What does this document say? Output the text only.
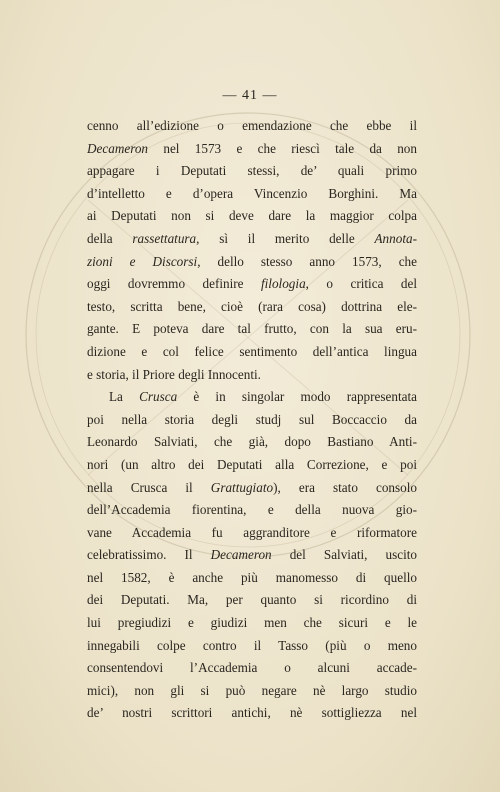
— 41 —
cenno all’edizione o emendazione che ebbe il
Decameron nel 1573 e che riescì tale da non
appagare i Deputati stessi, de’ quali primo
d’intelletto e d’opera Vincenzio Borghini. Ma
ai Deputati non si deve dare la maggior colpa
della rassettatura, sì il merito delle Annota-
zioni e Discorsi, dello stesso anno 1573, che
oggi dovremmo definire filologia, o critica del
testo, scritta bene, cioè (rara cosa) dottrina ele-
gante. E poteva dare tal frutto, con la sua eru-
dizione e col felice sentimento dell’antica lingua
e storia, il Priore degli Innocenti.
La Crusca è in singolar modo rappresentata
poi nella storia degli studj sul Boccaccio da
Leonardo Salviati, che già, dopo Bastiano Anti-
nori (un altro dei Deputati alla Correzione, e poi
nella Crusca il Grattugiato), era stato consolo
dell’Accademia fiorentina, e della nuova gio-
vane Accademia fu aggranditore e riformatore
celebratissimo. Il Decameron del Salviati, uscito
nel 1582, è anche più manomesso di quello
dei Deputati. Ma, per quanto si ricordino di
lui pregiudizi e giudizi men che sicuri e le
innegabili colpe contro il Tasso (più o meno
consentendovi l’Accademia o alcuni accade-
mici), non gli si può negare nè largo studio
de’ nostri scrittori antichi, nè sottigliezza nel
